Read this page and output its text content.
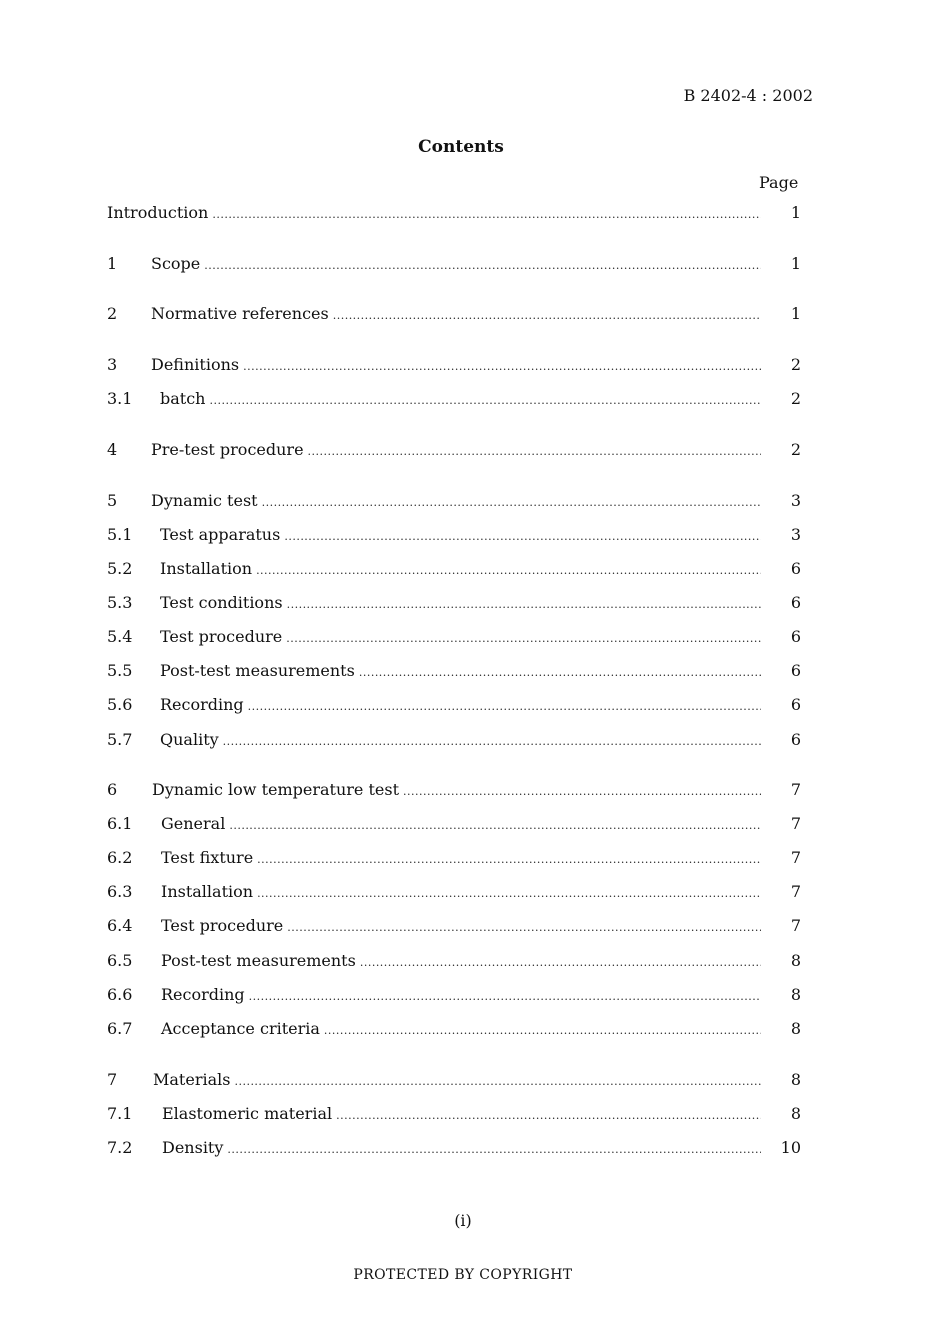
B 2402-4 : 2002
Contents
Page
Introduction .....	1
1	Scope .....	1
2	Normative references .....	1
3	Definitions .....	2
3.1	batch .....	2
4	Pre-test procedure .....	2
5	Dynamic test .....	3
5.1	Test apparatus .....	3
5.2	Installation .....	6
5.3	Test conditions .....	6
5.4	Test procedure .....	6
5.5	Post-test measurements .....	6
5.6	Recording .....	6
5.7	Quality .....	6
6	Dynamic low temperature test .....	7
6.1	General .....	7
6.2	Test fixture .....	7
6.3	Installation .....	7
6.4	Test procedure .....	7
6.5	Post-test measurements .....	8
6.6	Recording .....	8
6.7	Acceptance criteria .....	8
7	Materials .....	8
7.1	Elastomeric material .....	8
7.2	Density .....	10
(i)
PROTECTED BY COPYRIGHT
